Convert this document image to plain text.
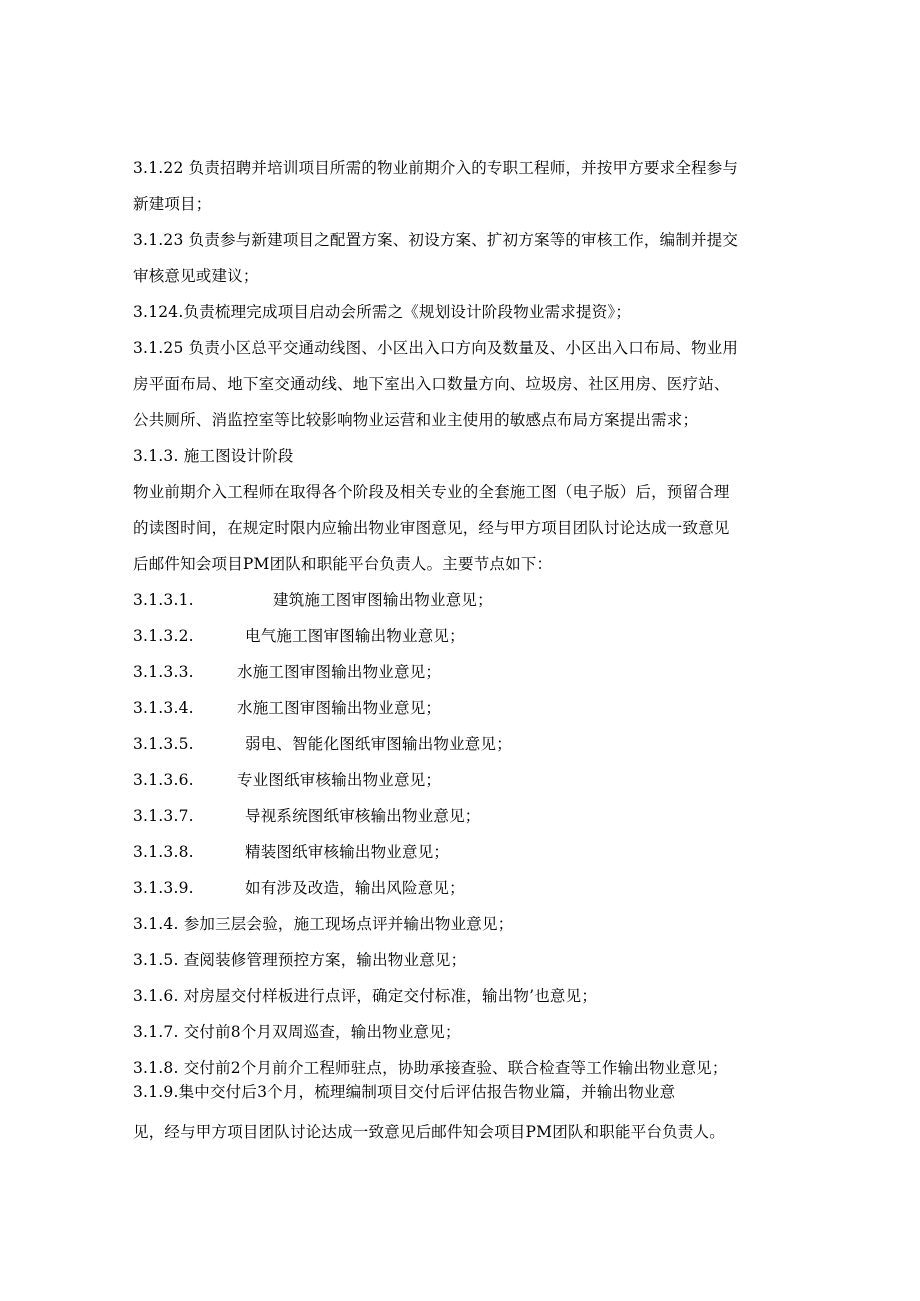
3.1.22 负责招聘并培训项目所需的物业前期介入的专职工程师，并按甲方要求全程参与
新建项目；
3.1.23 负责参与新建项目之配置方案、初设方案、扩初方案等的审核工作，编制并提交
审核意见或建议；
3.124.负责梳理完成项目启动会所需之《规划设计阶段物业需求提资》；
3.1.25 负责小区总平交通动线图、小区出入口方向及数量及、小区出入口布局、物业用
房平面布局、地下室交通动线、地下室出入口数量方向、垃圾房、社区用房、医疗站、
公共厕所、消监控室等比较影响物业运营和业主使用的敏感点布局方案提出需求；
3.1.3. 施工图设计阶段
物业前期介入工程师在取得各个阶段及相关专业的全套施工图（电子版）后，预留合理
的读图时间，在规定时限内应输出物业审图意见，经与甲方项目团队讨论达成一致意见
后邮件知会项目PM团队和职能平台负责人。主要节点如下：
3.1.3.1.	建筑施工图审图输出物业意见；
3.1.3.2.	电气施工图审图输出物业意见；
3.1.3.3.	水施工图审图输出物业意见；
3.1.3.4.	水施工图审图输出物业意见；
3.1.3.5.	弱电、智能化图纸审图输出物业意见；
3.1.3.6.	专业图纸审核输出物业意见；
3.1.3.7.	导视系统图纸审核输出物业意见；
3.1.3.8.	精装图纸审核输出物业意见；
3.1.3.9.	如有涉及改造，输出风险意见；
3.1.4. 参加三层会验，施工现场点评并输出物业意见；
3.1.5. 查阅装修管理预控方案，输出物业意见；
3.1.6. 对房屋交付样板进行点评，确定交付标准，输出物’也意见；
3.1.7. 交付前8个月双周巡查，输出物业意见；
3.1.8. 交付前2个月前介工程师驻点，协助承接查验、联合检查等工作输出物业意见；
3.1.9.集中交付后3个月，梳理编制项目交付后评估报告物业篇，并输出物业意
见，经与甲方项目团队讨论达成一致意见后邮件知会项目PM团队和职能平台负责人。
